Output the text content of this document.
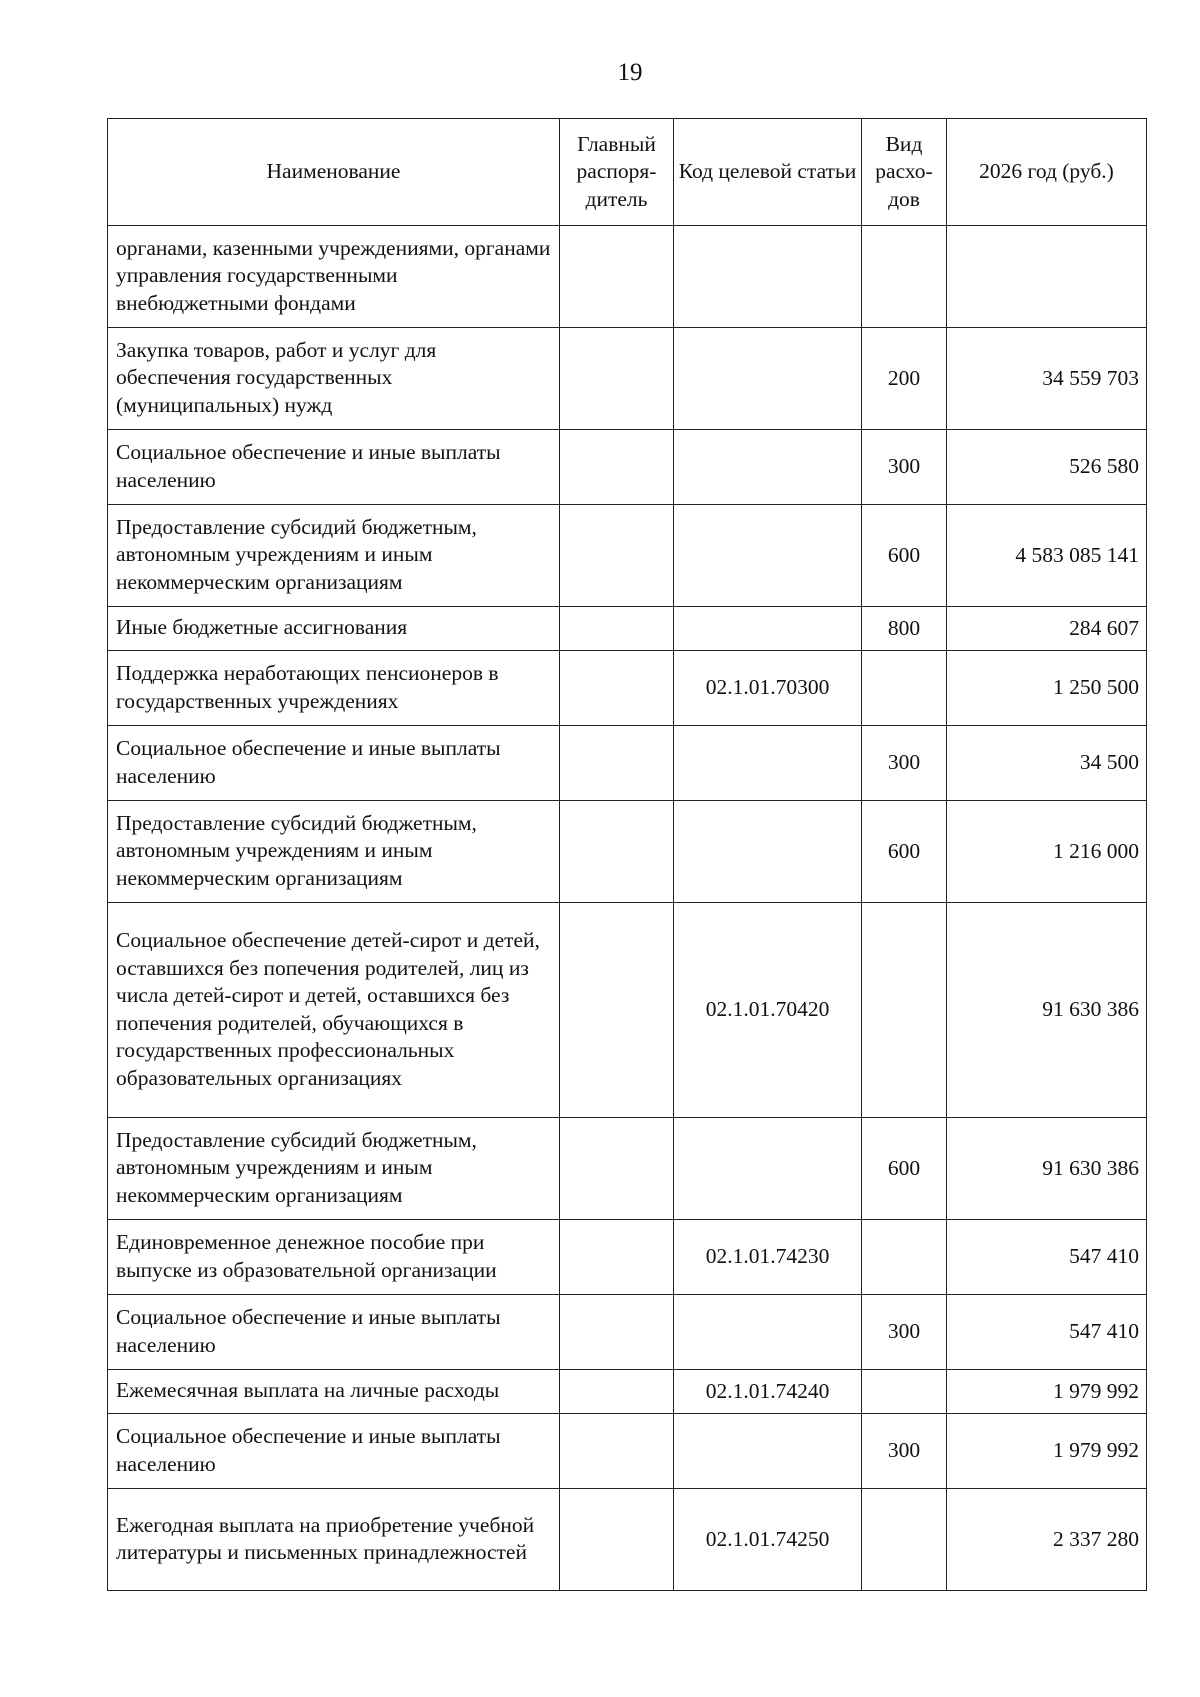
19
Наименование	Главный распоря-дитель	Код целевой статьи	Вид расхо-дов	2026 год (руб.)
органами, казенными учреждениями, органами управления государственными внебюджетными фондами				
Закупка товаров, работ и услуг для обеспечения государственных (муниципальных) нужд			200	34 559 703
Социальное обеспечение и иные выплаты населению			300	526 580
Предоставление субсидий бюджетным, автономным учреждениям и иным некоммерческим организациям			600	4 583 085 141
Иные бюджетные ассигнования			800	284 607
Поддержка неработающих пенсионеров в государственных учреждениях		02.1.01.70300		1 250 500
Социальное обеспечение и иные выплаты населению			300	34 500
Предоставление субсидий бюджетным, автономным учреждениям и иным некоммерческим организациям			600	1 216 000
Социальное обеспечение детей-сирот и детей, оставшихся без попечения родителей, лиц из числа детей-сирот и детей, оставшихся без попечения родителей, обучающихся в государственных профессиональных образовательных организациях		02.1.01.70420		91 630 386
Предоставление субсидий бюджетным, автономным учреждениям и иным некоммерческим организациям			600	91 630 386
Единовременное денежное пособие при выпуске из образовательной организации		02.1.01.74230		547 410
Социальное обеспечение и иные выплаты населению			300	547 410
Ежемесячная выплата на личные расходы		02.1.01.74240		1 979 992
Социальное обеспечение и иные выплаты населению			300	1 979 992
Ежегодная выплата на приобретение учебной литературы и письменных принадлежностей		02.1.01.74250		2 337 280
